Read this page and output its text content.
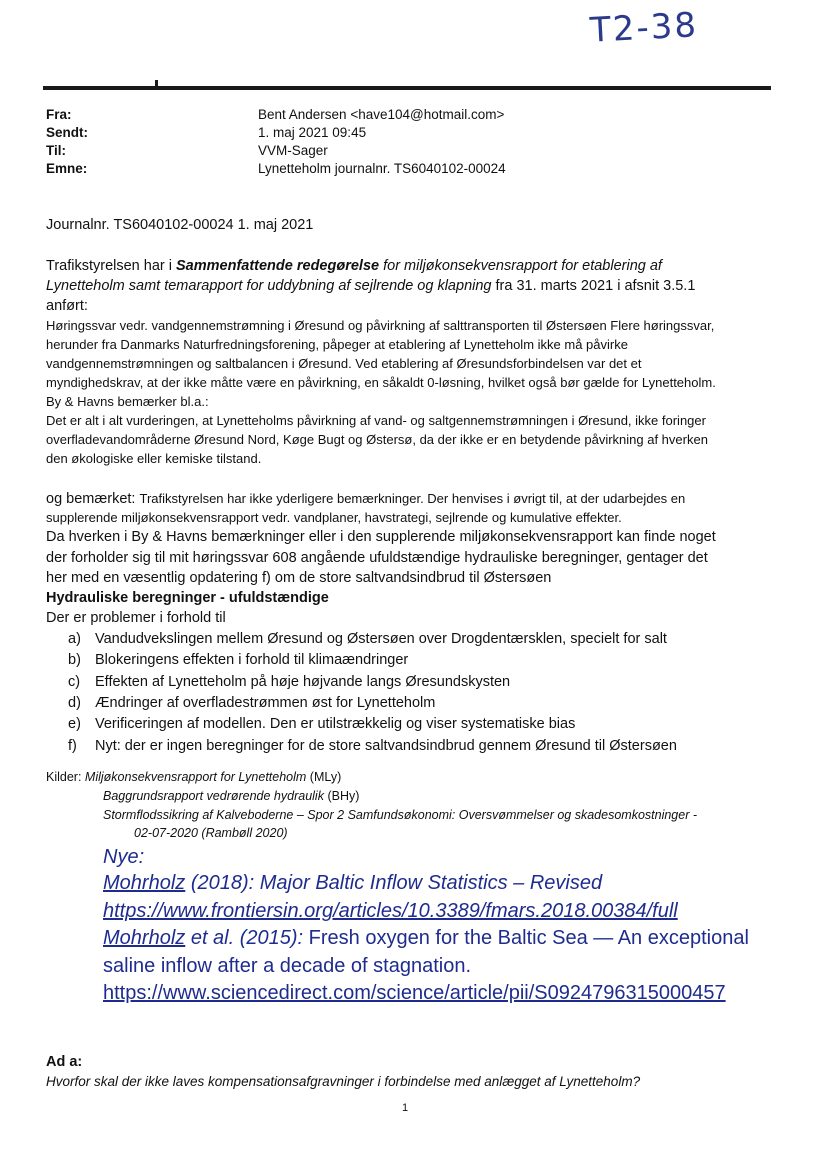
T2-38
Fra:
Sendt:
Til:
Emne:
Bent Andersen <have104@hotmail.com>
1. maj 2021 09:45
VVM-Sager
Lynetteholm journalnr. TS6040102-00024
Journalnr. TS6040102-00024 1. maj 2021
Trafikstyrelsen har i Sammenfattende redegørelse for miljøkonsekvensrapport for etablering af
Lynetteholm samt temarapport for uddybning af sejlrende og klapning fra 31. marts 2021 i afsnit 3.5.1
anført:
Høringssvar vedr. vandgennemstrømning i Øresund og påvirkning af salttransporten til Østersøen Flere høringssvar,
herunder fra Danmarks Naturfredningsforening, påpeger at etablering af Lynetteholm ikke må påvirke
vandgennemstrømningen og saltbalancen i Øresund. Ved etablering af Øresundsforbindelsen var det et
myndighedskrav, at der ikke måtte være en påvirkning, en såkaldt 0-løsning, hvilket også bør gælde for Lynetteholm.
By & Havns bemærker bl.a.:
Det er alt i alt vurderingen, at Lynetteholms påvirkning af vand- og saltgennemstrømningen i Øresund, ikke foringer
overfladevandområderne Øresund Nord, Køge Bugt og Østersø, da der ikke er en betydende påvirkning af hverken
den økologiske eller kemiske tilstand.
og bemærket: Trafikstyrelsen har ikke yderligere bemærkninger. Der henvises i øvrigt til, at der udarbejdes en
supplerende miljøkonsekvensrapport vedr. vandplaner, havstrategi, sejlrende og kumulative effekter.
Da hverken i By & Havns bemærkninger eller i den supplerende miljøkonsekvensrapport kan finde noget
der forholder sig til mit høringssvar 608 angående ufuldstændige hydrauliske beregninger, gentager det
her med en væsentlig opdatering f) om de store saltvandsindbrud til Østersøen
Hydrauliske beregninger - ufuldstændige
Der er problemer i forhold til
a) Vandudvekslingen mellem Øresund og Østersøen over Drogdentærsklen, specielt for salt
b) Blokeringens effekten i forhold til klimaændringer
c) Effekten af Lynetteholm på høje højvande langs Øresundskysten
d) Ændringer af overfladestrømmen øst for Lynetteholm
e) Verificeringen af modellen. Den er utilstrækkelig og viser systematiske bias
f) Nyt: der er ingen beregninger for de store saltvandsindbrud gennem Øresund til Østersøen
Kilder: Miljøkonsekvensrapport for Lynetteholm (MLy)
Baggrundsrapport vedrørende hydraulik (BHy)
Stormflodssikring af Kalveboderne – Spor 2 Samfundsøkonomi: Oversvømmelser og skadesomkostninger -
02-07-2020 (Rambøll 2020)
Nye:
Mohrholz (2018): Major Baltic Inflow Statistics – Revised
https://www.frontiersin.org/articles/10.3389/fmars.2018.00384/full
Mohrholz et al. (2015): Fresh oxygen for the Baltic Sea — An exceptional
saline inflow after a decade of stagnation.
https://www.sciencedirect.com/science/article/pii/S0924796315000457
Ad a:
Hvorfor skal der ikke laves kompensationsafgravninger i forbindelse med anlægget af Lynetteholm?
1
